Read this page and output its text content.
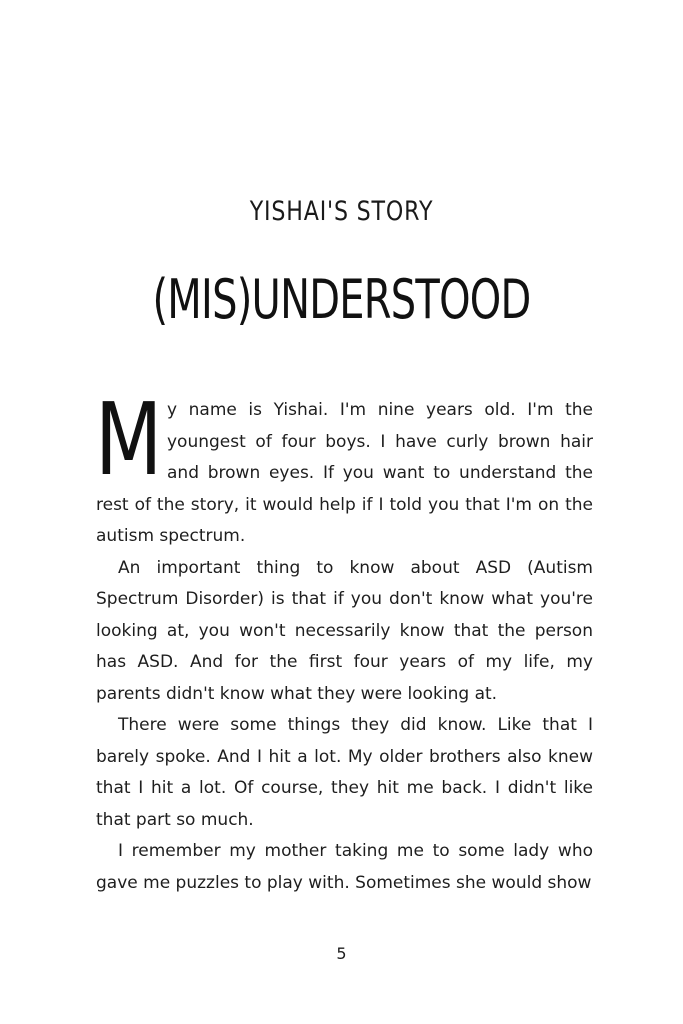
YISHAI'S STORY
(MIS)UNDERSTOOD

My name is Yishai. I'm nine years old. I'm the youngest of four boys. I have curly brown hair and brown eyes. If you want to understand the rest of the story, it would help if I told you that I'm on the autism spectrum.

An important thing to know about ASD (Autism Spectrum Disorder) is that if you don't know what you're looking at, you won't necessarily know that the person has ASD. And for the first four years of my life, my parents didn't know what they were looking at.

There were some things they did know. Like that I barely spoke. And I hit a lot. My older brothers also knew that I hit a lot. Of course, they hit me back. I didn't like that part so much.

I remember my mother taking me to some lady who gave me puzzles to play with. Sometimes she would show

5
